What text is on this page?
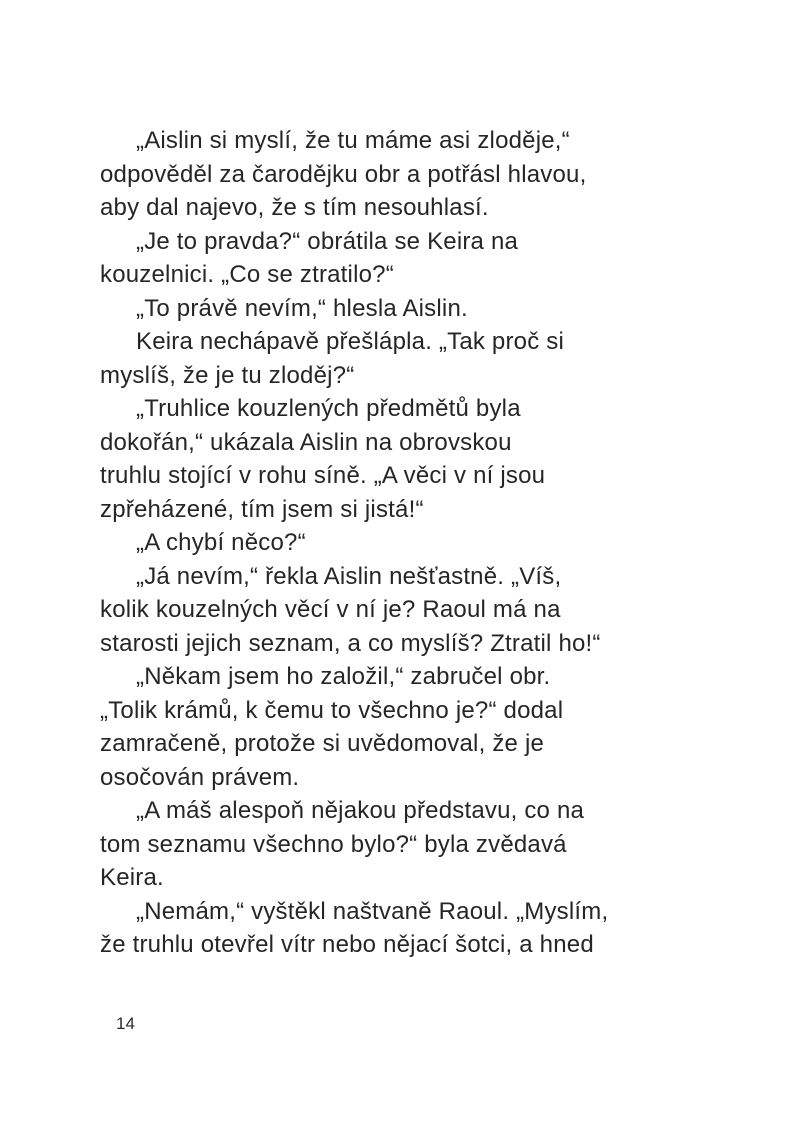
„Aislin si myslí, že tu máme asi zloděje,“
odpověděl za čarodějku obr a potřásl hlavou,
aby dal najevo, že s tím nesouhlasí.
„Je to pravda?“ obrátila se Keira na
kouzelnici. „Co se ztratilo?“
„To právě nevím,“ hlesla Aislin.
Keira nechápavě přešlápla. „Tak proč si
myslíš, že je tu zloděj?“
„Truhlice kouzlených předmětů byla
dokořán,“ ukázala Aislin na obrovskou
truhlu stojící v rohu síně. „A věci v ní jsou
zpřeházené, tím jsem si jistá!“
„A chybí něco?“
„Já nevím,“ řekla Aislin nešťastně. „Víš,
kolik kouzelných věcí v ní je? Raoul má na
starosti jejich seznam, a co myslíš? Ztratil ho!“
„Někam jsem ho založil,“ zabručel obr.
„Tolik krámů, k čemu to všechno je?“ dodal
zamračeně, protože si uvědomoval, že je
osočován právem.
„A máš alespoň nějakou představu, co na
tom seznamu všechno bylo?“ byla zvědavá
Keira.
„Nemám,“ vyštěkl naštvaně Raoul. „Myslím,
že truhlu otevřel vítr nebo nějací šotci, a hned
14
